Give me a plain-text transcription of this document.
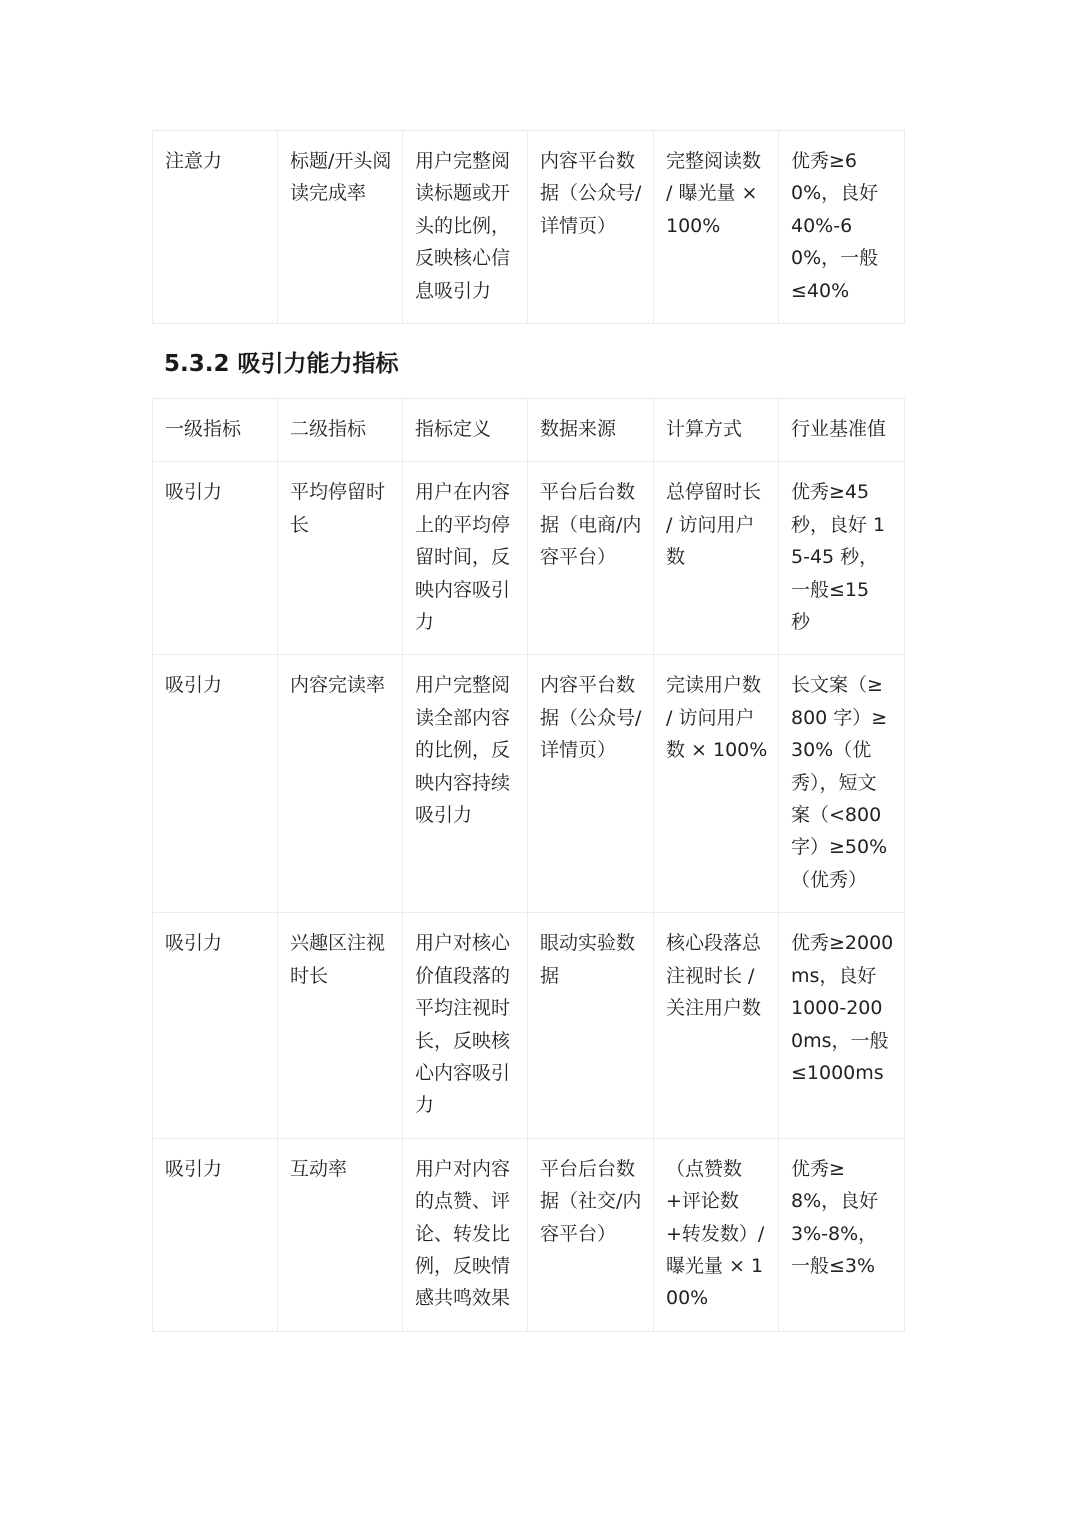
注意力	标题/开头阅读完成率	用户完整阅读标题或开头的比例，反映核心信息吸引力	内容平台数据（公众号/详情页）	完整阅读数 / 曝光量 × 100%	优秀≥60%，良好 40%-60%，一般≤40%
5.3.2 吸引力能力指标
一级指标	二级指标	指标定义	数据来源	计算方式	行业基准值
吸引力	平均停留时长	用户在内容上的平均停留时间，反映内容吸引力	平台后台数据（电商/内容平台）	总停留时长 / 访问用户数	优秀≥45 秒，良好 15-45 秒，一般≤15 秒
吸引力	内容完读率	用户完整阅读全部内容的比例，反映内容持续吸引力	内容平台数据（公众号/详情页）	完读用户数 / 访问用户数 × 100%	长文案（≥800 字）≥30%（优秀），短文案（<800 字）≥50%（优秀）
吸引力	兴趣区注视时长	用户对核心价值段落的平均注视时长，反映核心内容吸引力	眼动实验数据	核心段落总注视时长 / 关注用户数	优秀≥2000ms，良好 1000-2000ms，一般≤1000ms
吸引力	互动率	用户对内容的点赞、评论、转发比例，反映情感共鸣效果	平台后台数据（社交/内容平台）	（点赞数+评论数+转发数）/ 曝光量 × 100%	优秀≥8%，良好 3%-8%，一般≤3%
